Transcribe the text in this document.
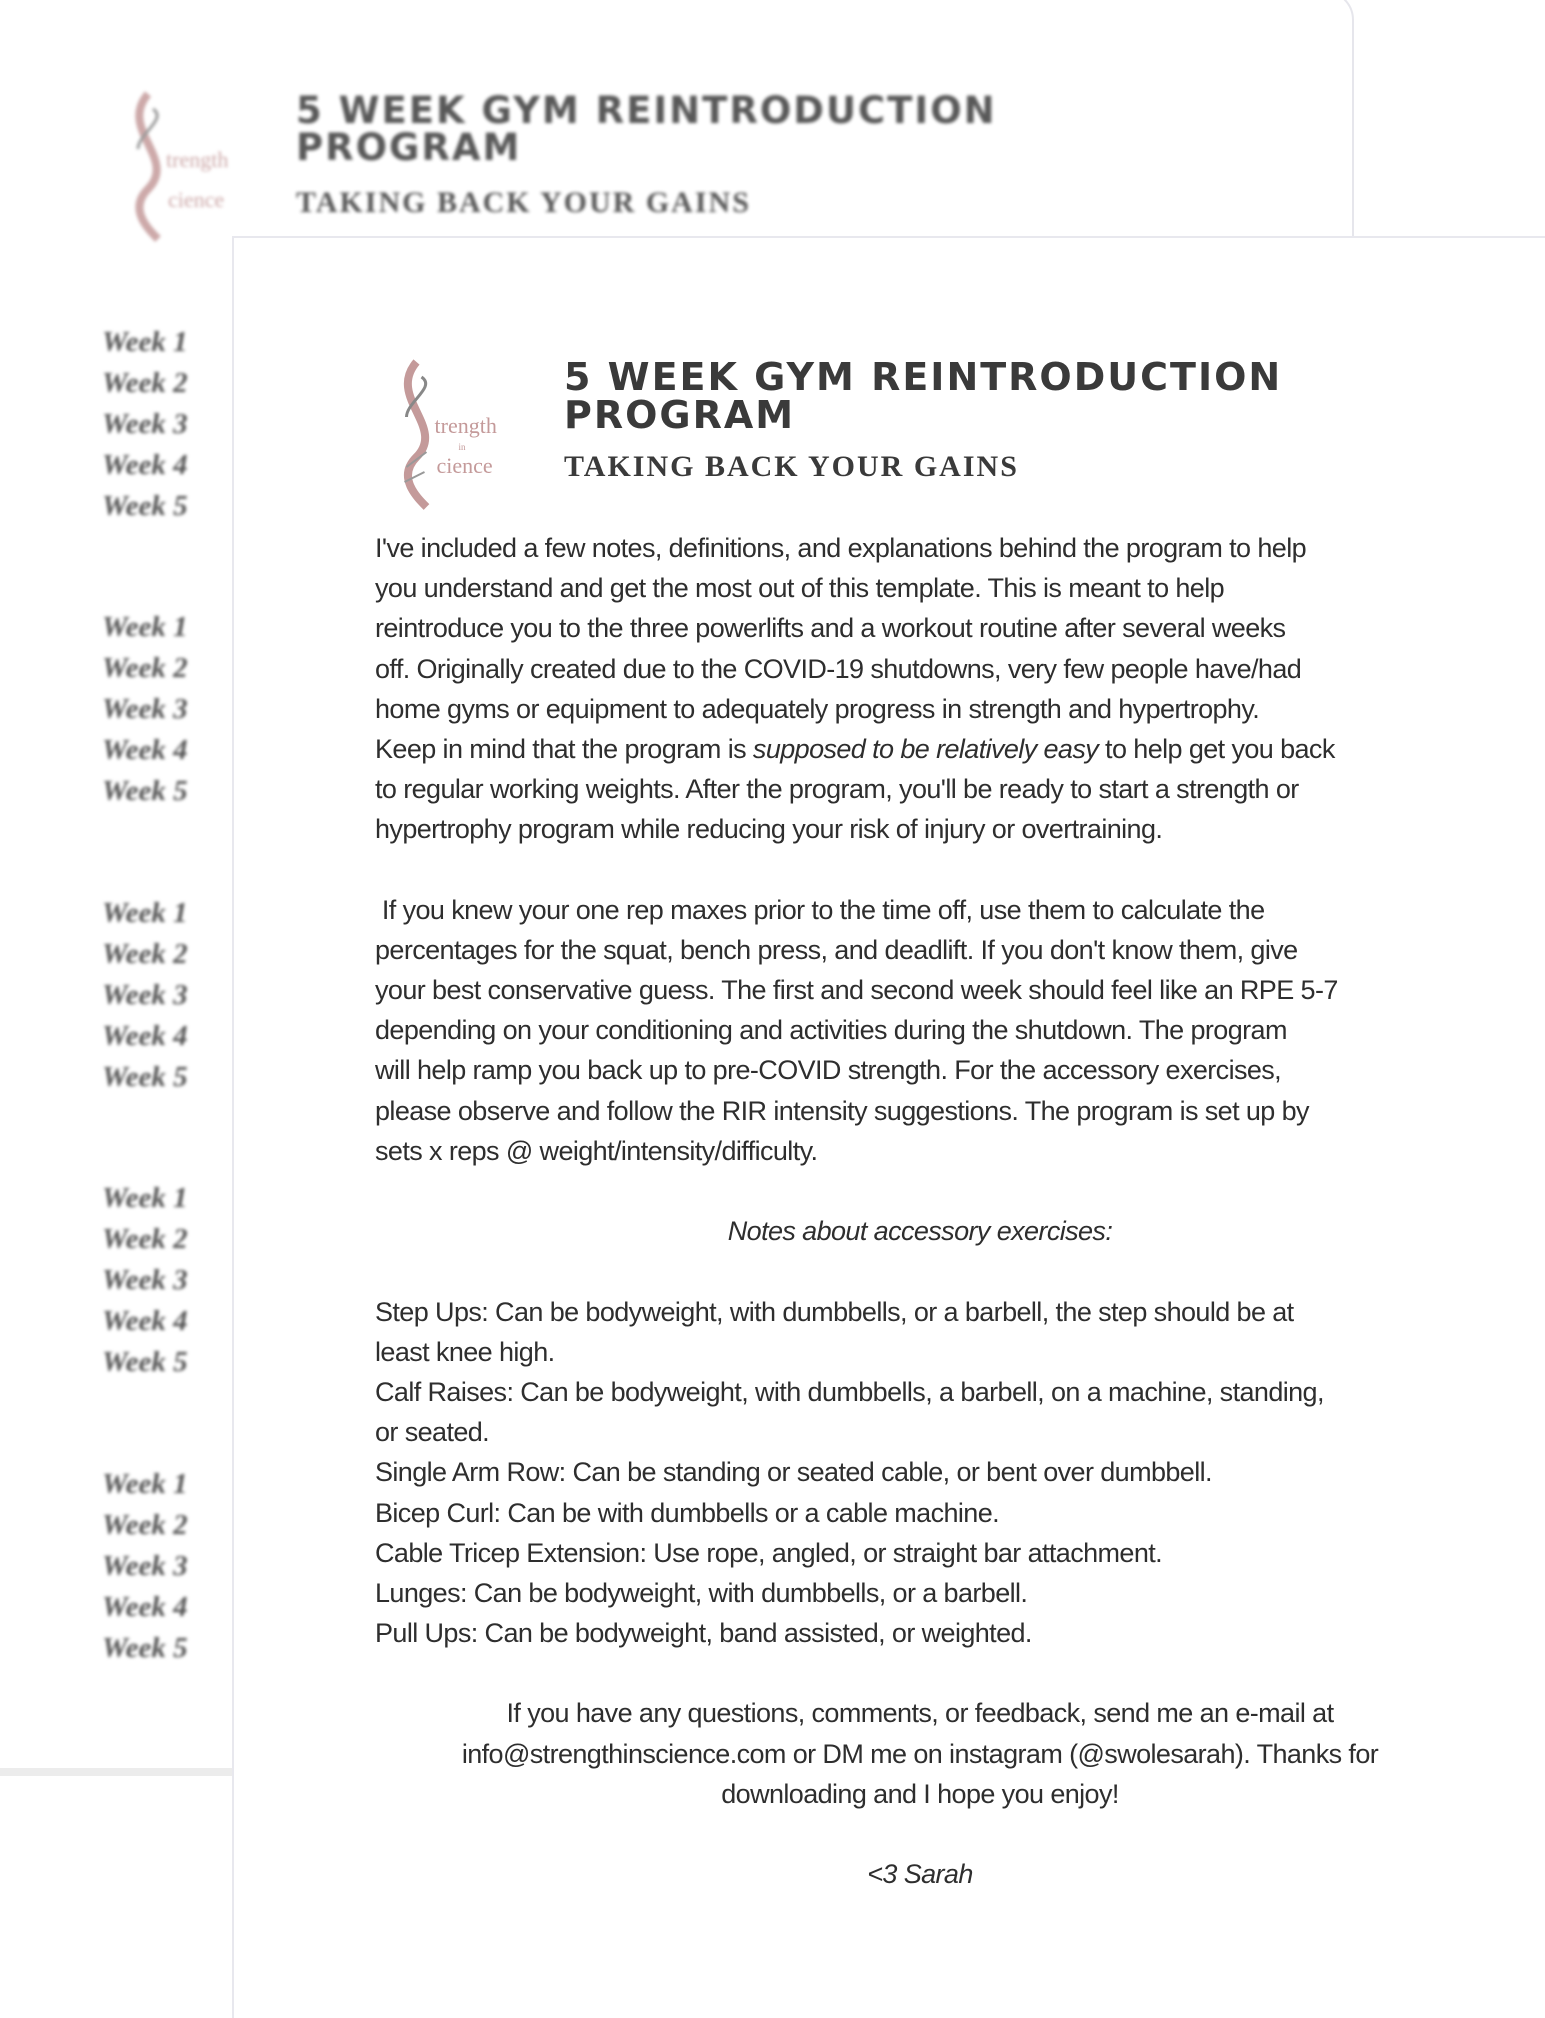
trength
cience
5 WEEK GYM REINTRODUCTION
PROGRAM
TAKING BACK YOUR GAINS
Week 1
Week 2
Week 3
Week 4
Week 5
Week 1
Week 2
Week 3
Week 4
Week 5
Week 1
Week 2
Week 3
Week 4
Week 5
Week 1
Week 2
Week 3
Week 4
Week 5
Week 1
Week 2
Week 3
Week 4
Week 5
trength
in
cience
5 WEEK GYM REINTRODUCTION
PROGRAM
TAKING BACK YOUR GAINS
I've included a few notes, definitions, and explanations behind the program to help
you understand and get the most out of this template. This is meant to help
reintroduce you to the three powerlifts and a workout routine after several weeks
off. Originally created due to the COVID-19 shutdowns, very few people have/had
home gyms or equipment to adequately progress in strength and hypertrophy.
Keep in mind that the program is supposed to be relatively easy to help get you back
to regular working weights. After the program, you'll be ready to start a strength or
hypertrophy program while reducing your risk of injury or overtraining.
If you knew your one rep maxes prior to the time off, use them to calculate the
percentages for the squat, bench press, and deadlift. If you don't know them, give
your best conservative guess. The first and second week should feel like an RPE 5-7
depending on your conditioning and activities during the shutdown. The program
will help ramp you back up to pre-COVID strength. For the accessory exercises,
please observe and follow the RIR intensity suggestions. The program is set up by
sets x reps @ weight/intensity/difficulty.
Notes about accessory exercises:
Step Ups: Can be bodyweight, with dumbbells, or a barbell, the step should be at
least knee high.
Calf Raises: Can be bodyweight, with dumbbells, a barbell, on a machine, standing,
or seated.
Single Arm Row: Can be standing or seated cable, or bent over dumbbell.
Bicep Curl: Can be with dumbbells or a cable machine.
Cable Tricep Extension: Use rope, angled, or straight bar attachment.
Lunges: Can be bodyweight, with dumbbells, or a barbell.
Pull Ups: Can be bodyweight, band assisted, or weighted.
If you have any questions, comments, or feedback, send me an e-mail at
info@strengthinscience.com or DM me on instagram (@swolesarah). Thanks for
downloading and I hope you enjoy!
<3 Sarah
